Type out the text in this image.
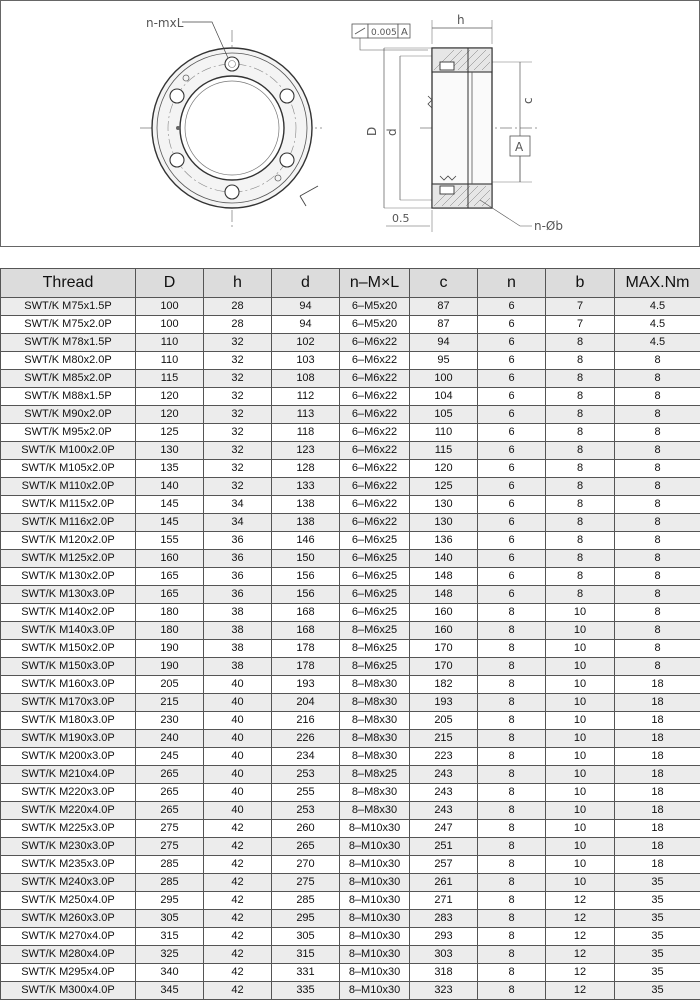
n-mxL	h
0.005 A
D d
c
A
0.5
n-Øb
Thread	D	h	d	n–M×L	c	n	b	MAX.Nm
SWT/K M75x1.5P	100	28	94	6–M5x20	87	6	7	4.5
SWT/K M75x2.0P	100	28	94	6–M5x20	87	6	7	4.5
SWT/K M78x1.5P	110	32	102	6–M6x22	94	6	8	4.5
SWT/K M80x2.0P	110	32	103	6–M6x22	95	6	8	8
SWT/K M85x2.0P	115	32	108	6–M6x22	100	6	8	8
SWT/K M88x1.5P	120	32	112	6–M6x22	104	6	8	8
SWT/K M90x2.0P	120	32	113	6–M6x22	105	6	8	8
SWT/K M95x2.0P	125	32	118	6–M6x22	110	6	8	8
SWT/K M100x2.0P	130	32	123	6–M6x22	115	6	8	8
SWT/K M105x2.0P	135	32	128	6–M6x22	120	6	8	8
SWT/K M110x2.0P	140	32	133	6–M6x22	125	6	8	8
SWT/K M115x2.0P	145	34	138	6–M6x22	130	6	8	8
SWT/K M116x2.0P	145	34	138	6–M6x22	130	6	8	8
SWT/K M120x2.0P	155	36	146	6–M6x25	136	6	8	8
SWT/K M125x2.0P	160	36	150	6–M6x25	140	6	8	8
SWT/K M130x2.0P	165	36	156	6–M6x25	148	6	8	8
SWT/K M130x3.0P	165	36	156	6–M6x25	148	6	8	8
SWT/K M140x2.0P	180	38	168	6–M6x25	160	8	10	8
SWT/K M140x3.0P	180	38	168	8–M6x25	160	8	10	8
SWT/K M150x2.0P	190	38	178	8–M6x25	170	8	10	8
SWT/K M150x3.0P	190	38	178	8–M6x25	170	8	10	8
SWT/K M160x3.0P	205	40	193	8–M8x30	182	8	10	18
SWT/K M170x3.0P	215	40	204	8–M8x30	193	8	10	18
SWT/K M180x3.0P	230	40	216	8–M8x30	205	8	10	18
SWT/K M190x3.0P	240	40	226	8–M8x30	215	8	10	18
SWT/K M200x3.0P	245	40	234	8–M8x30	223	8	10	18
SWT/K M210x4.0P	265	40	253	8–M8x25	243	8	10	18
SWT/K M220x3.0P	265	40	255	8–M8x30	243	8	10	18
SWT/K M220x4.0P	265	40	253	8–M8x30	243	8	10	18
SWT/K M225x3.0P	275	42	260	8–M10x30	247	8	10	18
SWT/K M230x3.0P	275	42	265	8–M10x30	251	8	10	18
SWT/K M235x3.0P	285	42	270	8–M10x30	257	8	10	18
SWT/K M240x3.0P	285	42	275	8–M10x30	261	8	10	35
SWT/K M250x4.0P	295	42	285	8–M10x30	271	8	12	35
SWT/K M260x3.0P	305	42	295	8–M10x30	283	8	12	35
SWT/K M270x4.0P	315	42	305	8–M10x30	293	8	12	35
SWT/K M280x4.0P	325	42	315	8–M10x30	303	8	12	35
SWT/K M295x4.0P	340	42	331	8–M10x30	318	8	12	35
SWT/K M300x4.0P	345	42	335	8–M10x30	323	8	12	35
